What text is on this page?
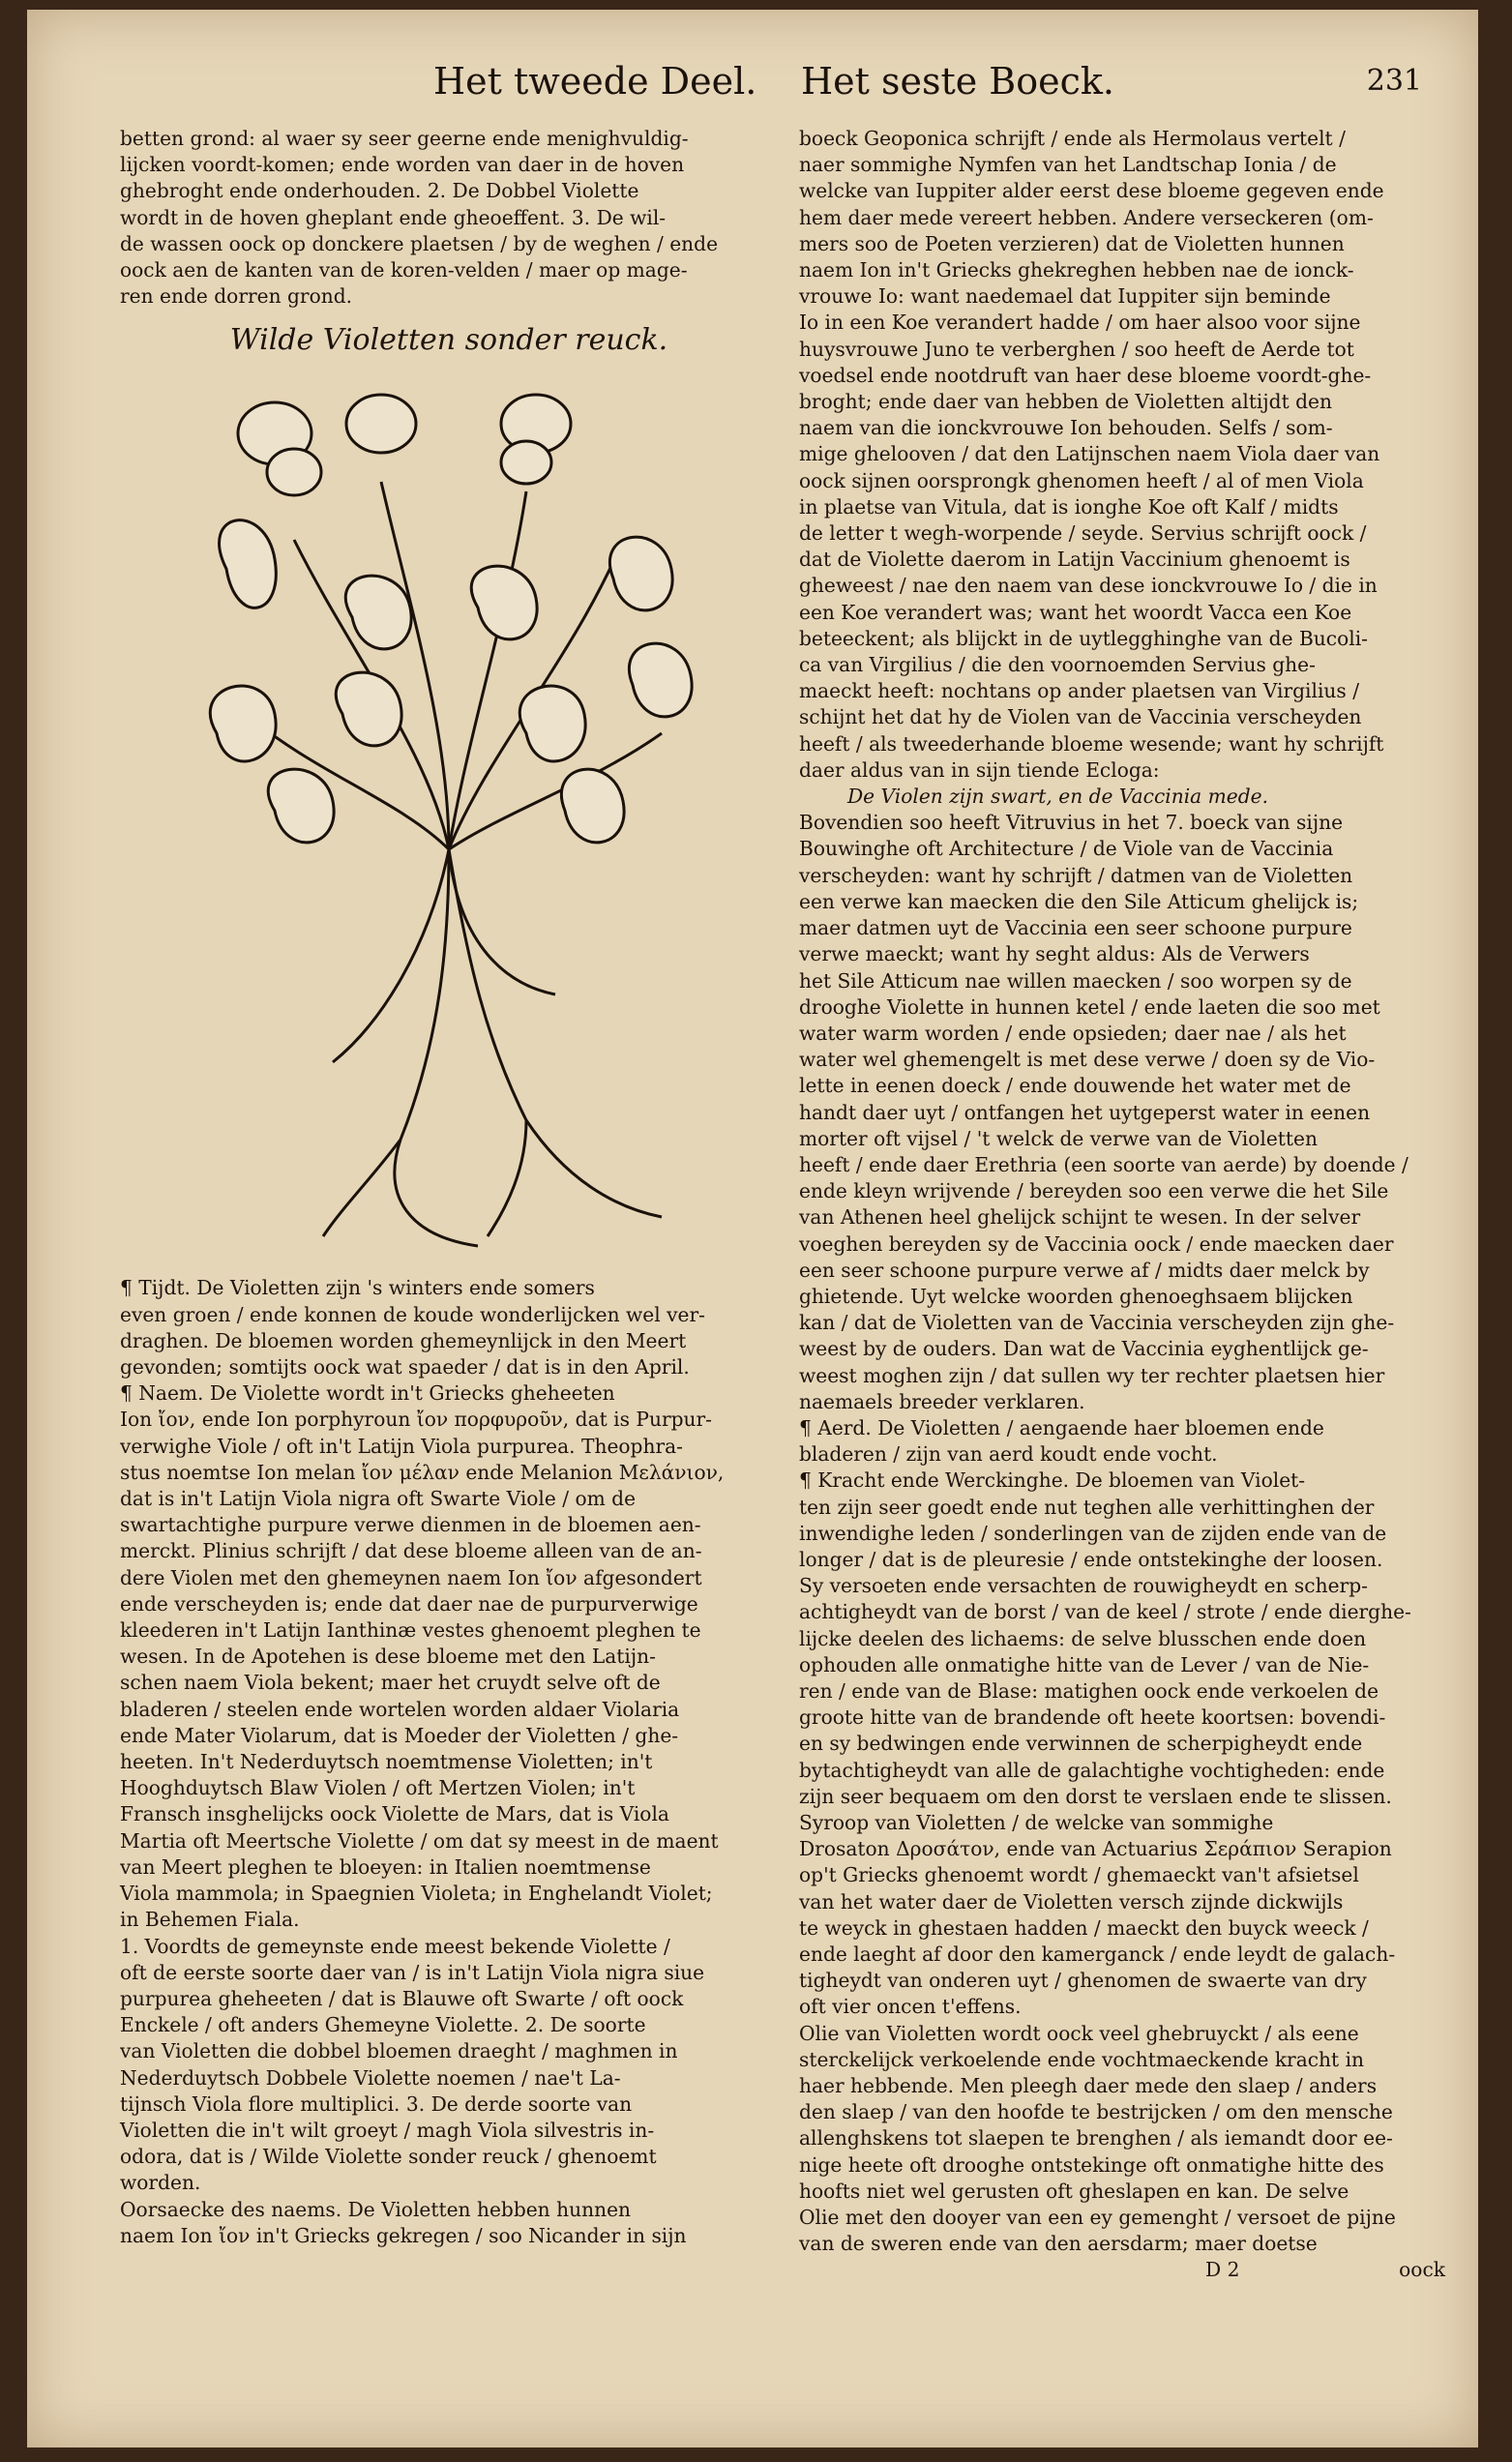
Het tweede Deel. Het seste Boeck.	231

betten grond: al waer sy seer geerne ende menighvuldig-

lijcken voordt-komen; ende worden van daer in de hoven

ghebroght ende onderhouden. 2. De Dobbel Violette

wordt in de hoven gheplant ende gheoeffent. 3. De wil-

de wassen oock op donckere plaetsen / by de weghen / ende

oock aen de kanten van de koren-velden / maer op mage-

ren ende dorren grond.

Wilde Violetten sonder reuck.

¶ Tijdt. De Violetten zijn 's winters ende somers

even groen / ende konnen de koude wonderlijcken wel ver-

draghen. De bloemen worden ghemeynlijck in den Meert

gevonden; somtijts oock wat spaeder / dat is in den April.

¶ Naem. De Violette wordt in't Griecks gheheeten

Ion ἴον, ende Ion porphyroun ἴον πορφυροῦν, dat is Purpur-

verwighe Viole / oft in't Latijn Viola purpurea. Theophra-

stus noemtse Ion melan ἴον μέλαν ende Melanion Μελάνιον,

dat is in't Latijn Viola nigra oft Swarte Viole / om de

swartachtighe purpure verwe dienmen in de bloemen aen-

merckt. Plinius schrijft / dat dese bloeme alleen van de an-

dere Violen met den ghemeynen naem Ion ἴον afgesondert

ende verscheyden is; ende dat daer nae de purpurverwige

kleederen in't Latijn Ianthinæ vestes ghenoemt pleghen te

wesen. In de Apotehen is dese bloeme met den Latijn-

schen naem Viola bekent; maer het cruydt selve oft de

bladeren / steelen ende wortelen worden aldaer Violaria

ende Mater Violarum, dat is Moeder der Violetten / ghe-

heeten. In't Nederduytsch noemtmense Violetten; in't

Hooghduytsch Blaw Violen / oft Mertzen Violen; in't

Fransch insghelijcks oock Violette de Mars, dat is Viola

Martia oft Meertsche Violette / om dat sy meest in de maent

van Meert pleghen te bloeyen: in Italien noemtmense

Viola mammola; in Spaegnien Violeta; in Enghelandt Violet;

in Behemen Fiala.

1. Voordts de gemeynste ende meest bekende Violette /

oft de eerste soorte daer van / is in't Latijn Viola nigra siue

purpurea gheheeten / dat is Blauwe oft Swarte / oft oock

Enckele / oft anders Ghemeyne Violette. 2. De soorte

van Violetten die dobbel bloemen draeght / maghmen in

Nederduytsch Dobbele Violette noemen / nae't La-

tijnsch Viola flore multiplici. 3. De derde soorte van

Violetten die in't wilt groeyt / magh Viola silvestris in-

odora, dat is / Wilde Violette sonder reuck / ghenoemt

worden.

Oorsaecke des naems. De Violetten hebben hunnen

naem Ion ἴον in't Griecks gekregen / soo Nicander in sijn

boeck Geoponica schrijft / ende als Hermolaus vertelt /

naer sommighe Nymfen van het Landtschap Ionia / de

welcke van Iuppiter alder eerst dese bloeme gegeven ende

hem daer mede vereert hebben. Andere verseckeren (om-

mers soo de Poeten verzieren) dat de Violetten hunnen

naem Ion in't Griecks ghekreghen hebben nae de ionck-

vrouwe Io: want naedemael dat Iuppiter sijn beminde

Io in een Koe verandert hadde / om haer alsoo voor sijne

huysvrouwe Juno te verberghen / soo heeft de Aerde tot

voedsel ende nootdruft van haer dese bloeme voordt-ghe-

broght; ende daer van hebben de Violetten altijdt den

naem van die ionckvrouwe Ion behouden. Selfs / som-

mige ghelooven / dat den Latijnschen naem Viola daer van

oock sijnen oorsprongk ghenomen heeft / al of men Viola

in plaetse van Vitula, dat is ionghe Koe oft Kalf / midts

de letter t wegh-worpende / seyde. Servius schrijft oock /

dat de Violette daerom in Latijn Vaccinium ghenoemt is

gheweest / nae den naem van dese ionckvrouwe Io / die in

een Koe verandert was; want het woordt Vacca een Koe

beteeckent; als blijckt in de uytlegghinghe van de Bucoli-

ca van Virgilius / die den voornoemden Servius ghe-

maeckt heeft: nochtans op ander plaetsen van Virgilius /

schijnt het dat hy de Violen van de Vaccinia verscheyden

heeft / als tweederhande bloeme wesende; want hy schrijft

daer aldus van in sijn tiende Ecloga:

De Violen zijn swart, en de Vaccinia mede.

Bovendien soo heeft Vitruvius in het 7. boeck van sijne

Bouwinghe oft Architecture / de Viole van de Vaccinia

verscheyden: want hy schrijft / datmen van de Violetten

een verwe kan maecken die den Sile Atticum ghelijck is;

maer datmen uyt de Vaccinia een seer schoone purpure

verwe maeckt; want hy seght aldus: Als de Verwers

het Sile Atticum nae willen maecken / soo worpen sy de

drooghe Violette in hunnen ketel / ende laeten die soo met

water warm worden / ende opsieden; daer nae / als het

water wel ghemengelt is met dese verwe / doen sy de Vio-

lette in eenen doeck / ende douwende het water met de

handt daer uyt / ontfangen het uytgeperst water in eenen

morter oft vijsel / 't welck de verwe van de Violetten

heeft / ende daer Erethria (een soorte van aerde) by doende /

ende kleyn wrijvende / bereyden soo een verwe die het Sile

van Athenen heel ghelijck schijnt te wesen. In der selver

voeghen bereyden sy de Vaccinia oock / ende maecken daer

een seer schoone purpure verwe af / midts daer melck by

ghietende. Uyt welcke woorden ghenoeghsaem blijcken

kan / dat de Violetten van de Vaccinia verscheyden zijn ghe-

weest by de ouders. Dan wat de Vaccinia eyghentlijck ge-

weest moghen zijn / dat sullen wy ter rechter plaetsen hier

naemaels breeder verklaren.

¶ Aerd. De Violetten / aengaende haer bloemen ende

bladeren / zijn van aerd koudt ende vocht.

¶ Kracht ende Werckinghe. De bloemen van Violet-

ten zijn seer goedt ende nut teghen alle verhittinghen der

inwendighe leden / sonderlingen van de zijden ende van de

longer / dat is de pleuresie / ende ontstekinghe der loosen.

Sy versoeten ende versachten de rouwigheydt en scherp-

achtigheydt van de borst / van de keel / strote / ende dierghe-

lijcke deelen des lichaems: de selve blusschen ende doen

ophouden alle onmatighe hitte van de Lever / van de Nie-

ren / ende van de Blase: matighen oock ende verkoelen de

groote hitte van de brandende oft heete koortsen: bovendi-

en sy bedwingen ende verwinnen de scherpigheydt ende

bytachtigheydt van alle de galachtighe vochtigheden: ende

zijn seer bequaem om den dorst te verslaen ende te slissen.

Syroop van Violetten / de welcke van sommighe

Drosaton Δροσάτον, ende van Actuarius Σεράπιον Serapion

op't Griecks ghenoemt wordt / ghemaeckt van't afsietsel

van het water daer de Violetten versch zijnde dickwijls

te weyck in ghestaen hadden / maeckt den buyck weeck /

ende laeght af door den kamerganck / ende leydt de galach-

tigheydt van onderen uyt / ghenomen de swaerte van dry

oft vier oncen t'effens.

Olie van Violetten wordt oock veel ghebruyckt / als eene

sterckelijck verkoelende ende vochtmaeckende kracht in

haer hebbende. Men pleegh daer mede den slaep / anders

den slaep / van den hoofde te bestrijcken / om den mensche

allenghskens tot slaepen te brenghen / als iemandt door ee-

nige heete oft drooghe ontstekinge oft onmatighe hitte des

hoofts niet wel gerusten oft gheslapen en kan. De selve

Olie met den dooyer van een ey gemenght / versoet de pijne

van de sweren ende van den aersdarm; maer doetse

D 2	oock
